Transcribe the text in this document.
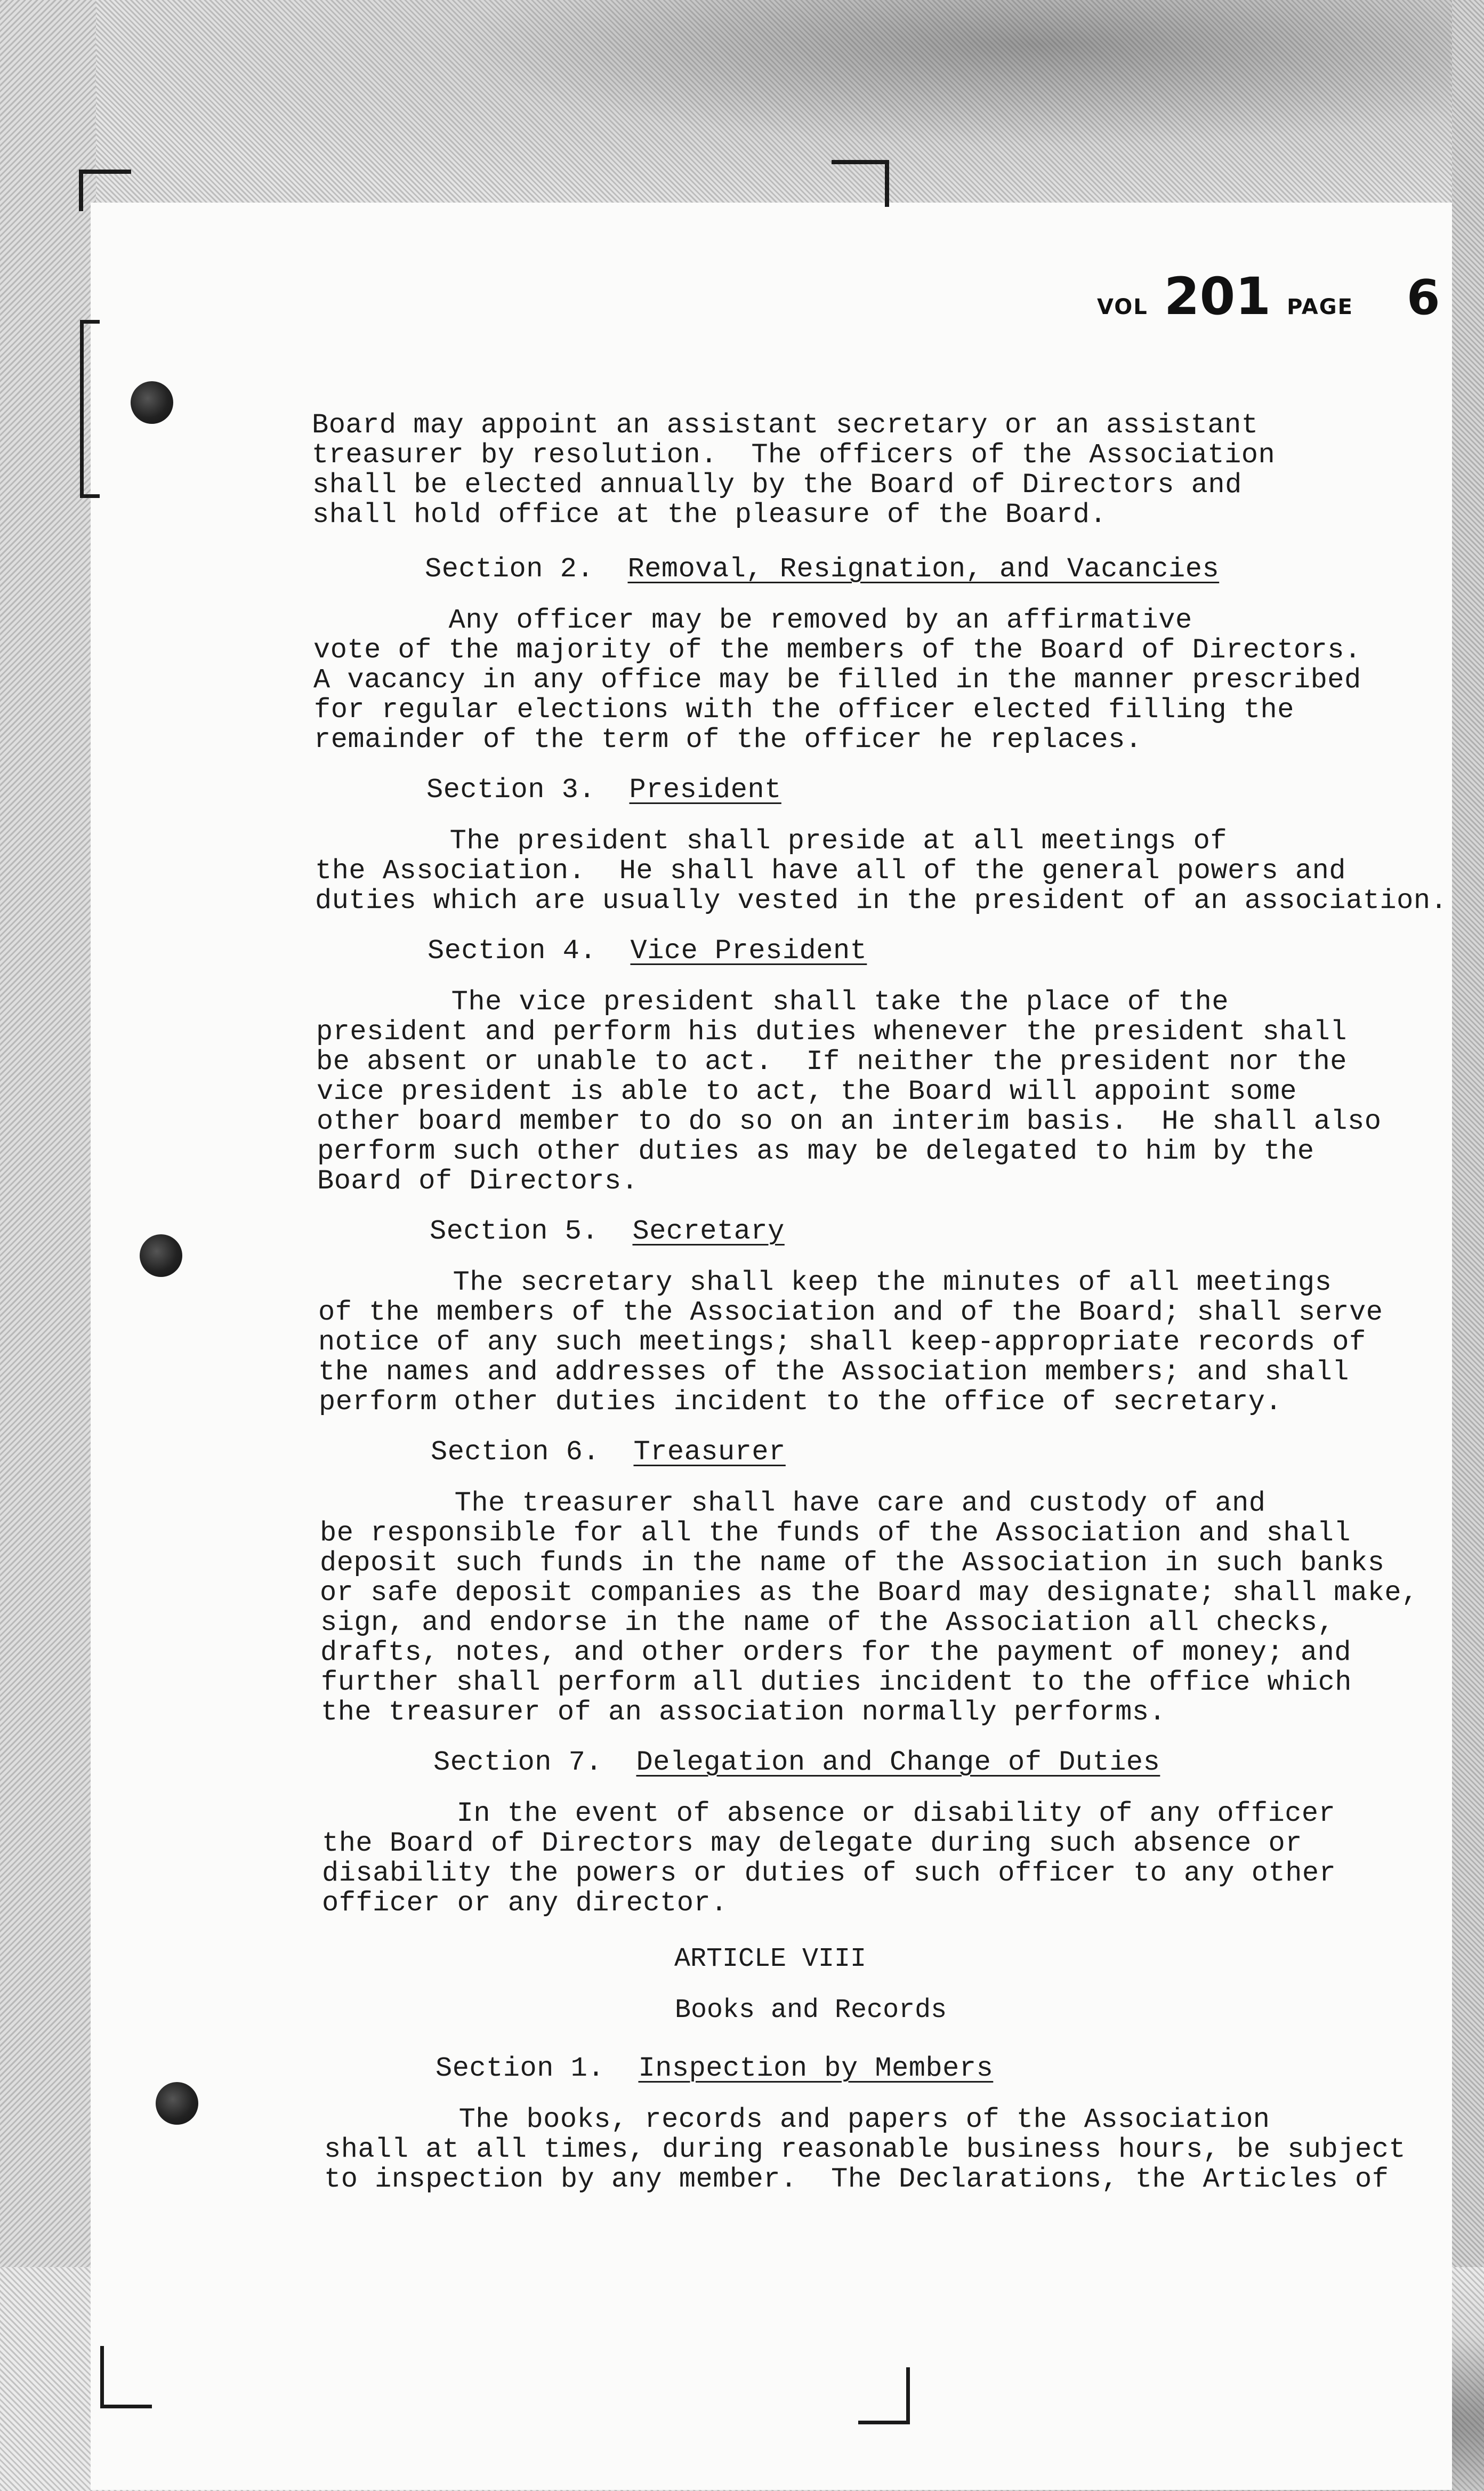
VOL 201 PAGE 6
Board may appoint an assistant secretary or an assistant
treasurer by resolution.  The officers of the Association
shall be elected annually by the Board of Directors and
shall hold office at the pleasure of the Board.
Section 2. Removal, Resignation, and Vacancies
Any officer may be removed by an affirmative
vote of the majority of the members of the Board of Directors.
A vacancy in any office may be filled in the manner prescribed
for regular elections with the officer elected filling the
remainder of the term of the officer he replaces.
Section 3. President
The president shall preside at all meetings of
the Association.  He shall have all of the general powers and
duties which are usually vested in the president of an association.
Section 4. Vice President
The vice president shall take the place of the
president and perform his duties whenever the president shall
be absent or unable to act.  If neither the president nor the
vice president is able to act, the Board will appoint some
other board member to do so on an interim basis.  He shall also
perform such other duties as may be delegated to him by the
Board of Directors.
Section 5. Secretary
The secretary shall keep the minutes of all meetings
of the members of the Association and of the Board; shall serve
notice of any such meetings; shall keep-appropriate records of
the names and addresses of the Association members; and shall
perform other duties incident to the office of secretary.
Section 6. Treasurer
The treasurer shall have care and custody of and
be responsible for all the funds of the Association and shall
deposit such funds in the name of the Association in such banks
or safe deposit companies as the Board may designate; shall make,
sign, and endorse in the name of the Association all checks,
drafts, notes, and other orders for the payment of money; and
further shall perform all duties incident to the office which
the treasurer of an association normally performs.
Section 7. Delegation and Change of Duties
In the event of absence or disability of any officer
the Board of Directors may delegate during such absence or
disability the powers or duties of such officer to any other
officer or any director.
ARTICLE VIII
Books and Records
Section 1. Inspection by Members
The books, records and papers of the Association
shall at all times, during reasonable business hours, be subject
to inspection by any member.  The Declarations, the Articles of
